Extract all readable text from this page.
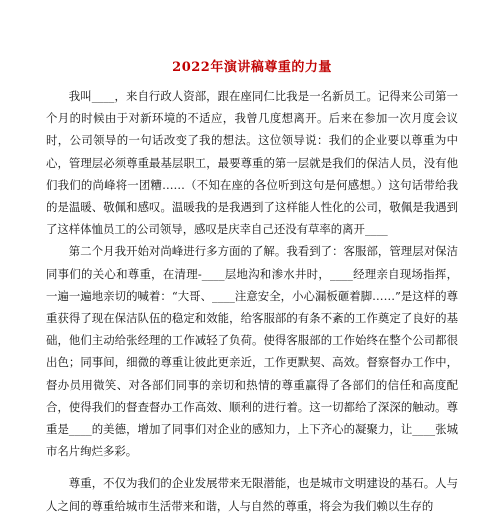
2022年演讲稿尊重的力量

我叫____，来自行政人资部，跟在座同仁比我是一名新员工。记得来公司第一个月的时候由于对新环境的不适应，我曾几度想离开。后来在参加一次月度会议时，公司领导的一句话改变了我的想法。这位领导说：我们的企业要以尊重为中心，管理层必须尊重最基层职工，最要尊重的第一层就是我们的保洁人员，没有他们我们的尚峰将一团糟……（不知在座的各位听到这句是何感想。）这句话带给我的是温暖、敬佩和感叹。温暖我的是我遇到了这样能人性化的公司，敬佩是我遇到了这样体恤员工的公司领导，感叹是庆幸自己还没有草率的离开____

第二个月我开始对尚峰进行多方面的了解。我看到了：客服部，管理层对保洁同事们的关心和尊重，在清理-____层地沟和渗水井时，____经理亲自现场指挥，一遍一遍地亲切的喊着：“大哥、____注意安全，小心漏板砸着脚……”是这样的尊重获得了现在保洁队伍的稳定和效能，给客服部的有条不紊的工作奠定了良好的基础，他们主动给张经理的工作减轻了负荷。使得客服部的工作始终在整个公司都很出色；同事间，细微的尊重让彼此更亲近，工作更默契、高效。督察督办工作中，督办员用微笑、对各部们同事的亲切和热情的尊重赢得了各部们的信任和高度配合，使得我们的督查督办工作高效、顺利的进行着。这一切都给了深深的触动。尊重是____的美德，增加了同事们对企业的感知力，上下齐心的凝聚力，让____张城市名片绚烂多彩。

尊重，不仅为我们的企业发展带来无限潜能，也是城市文明建设的基石。人与人之间的尊重给城市生活带来和谐，人与自然的尊重，将会为我们赖以生存的
